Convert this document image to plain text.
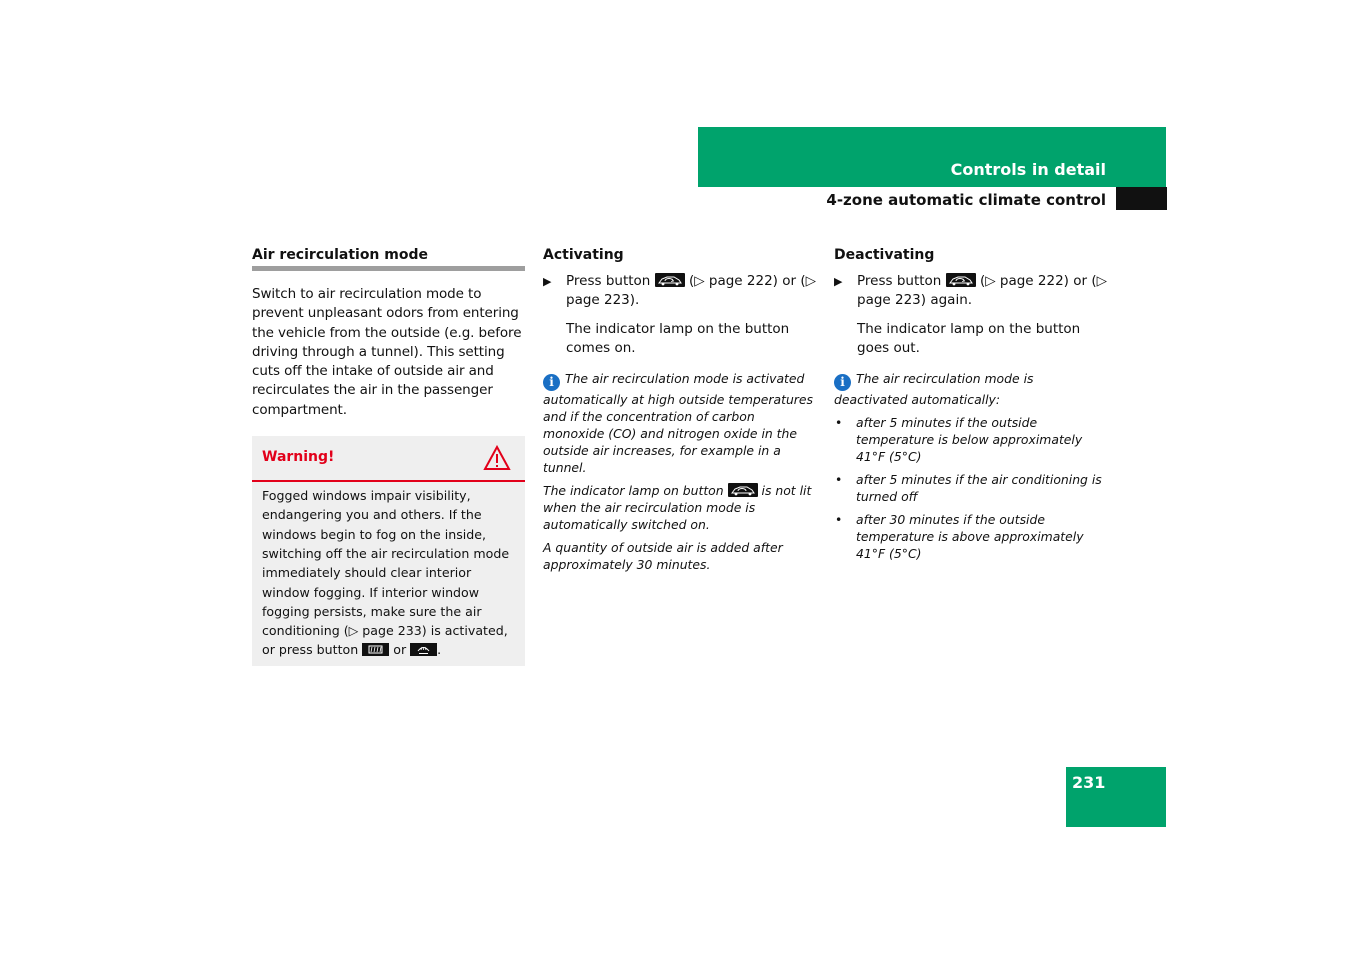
Controls in detail
4-zone automatic climate control

Air recirculation mode

Switch to air recirculation mode to prevent unpleasant odors from entering the vehicle from the outside (e.g. before driving through a tunnel). This setting cuts off the intake of outside air and recirculates the air in the passenger compartment.

Warning!

Fogged windows impair visibility, endangering you and others. If the windows begin to fog on the inside, switching off the air recirculation mode immediately should clear interior window fogging. If interior window fogging persists, make sure the air conditioning (▷ page 233) is activated, or press button	or .

Activating

▶ Press button	(▷ page 222) or (▷ page 223).

The indicator lamp on the button comes on.

i The air recirculation mode is activated automatically at high outside temperatures and if the concentration of carbon monoxide (CO) and nitrogen oxide in the outside air increases, for example in a tunnel.

The indicator lamp on button	is not lit when the air recirculation mode is automatically switched on.

A quantity of outside air is added after approximately 30 minutes.

Deactivating

▶ Press button	(▷ page 222) or (▷ page 223) again.

The indicator lamp on the button goes out.

i The air recirculation mode is deactivated automatically:

• after 5 minutes if the outside temperature is below approximately 41°F (5°C)
• after 5 minutes if the air conditioning is turned off
• after 30 minutes if the outside temperature is above approximately 41°F (5°C)
231
